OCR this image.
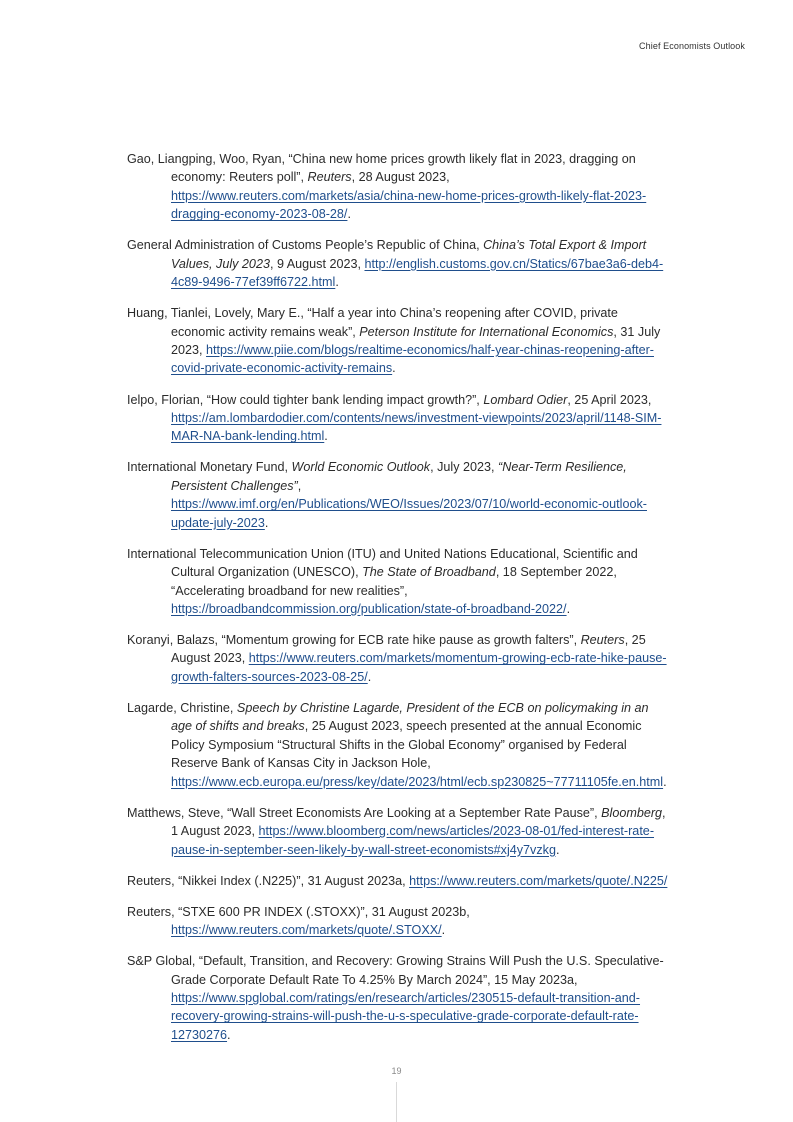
Chief Economists Outlook

Gao, Liangping, Woo, Ryan, “China new home prices growth likely flat in 2023, dragging on economy: Reuters poll”, Reuters, 28 August 2023, https://www.reuters.com/markets/asia/china-new-home-prices-growth-likely-flat-2023-dragging-economy-2023-08-28/.

General Administration of Customs People’s Republic of China, China’s Total Export & Import Values, July 2023, 9 August 2023, http://english.customs.gov.cn/Statics/67bae3a6-deb4-4c89-9496-77ef39ff6722.html.

Huang, Tianlei, Lovely, Mary E., “Half a year into China’s reopening after COVID, private economic activity remains weak”, Peterson Institute for International Economics, 31 July 2023, https://www.piie.com/blogs/realtime-economics/half-year-chinas-reopening-after-covid-private-economic-activity-remains.

Ielpo, Florian, “How could tighter bank lending impact growth?”, Lombard Odier, 25 April 2023, https://am.lombardodier.com/contents/news/investment-viewpoints/2023/april/1148-SIM-MAR-NA-bank-lending.html.

International Monetary Fund, World Economic Outlook, July 2023, “Near-Term Resilience, Persistent Challenges”, https://www.imf.org/en/Publications/WEO/Issues/2023/07/10/world-economic-outlook-update-july-2023.

International Telecommunication Union (ITU) and United Nations Educational, Scientific and Cultural Organization (UNESCO), The State of Broadband, 18 September 2022, “Accelerating broadband for new realities”, https://broadbandcommission.org/publication/state-of-broadband-2022/.

Koranyi, Balazs, “Momentum growing for ECB rate hike pause as growth falters”, Reuters, 25 August 2023, https://www.reuters.com/markets/momentum-growing-ecb-rate-hike-pause-growth-falters-sources-2023-08-25/.

Lagarde, Christine, Speech by Christine Lagarde, President of the ECB on policymaking in an age of shifts and breaks, 25 August 2023, speech presented at the annual Economic Policy Symposium “Structural Shifts in the Global Economy” organised by Federal Reserve Bank of Kansas City in Jackson Hole, https://www.ecb.europa.eu/press/key/date/2023/html/ecb.sp230825~77711105fe.en.html.

Matthews, Steve, “Wall Street Economists Are Looking at a September Rate Pause”, Bloomberg, 1 August 2023, https://www.bloomberg.com/news/articles/2023-08-01/fed-interest-rate-pause-in-september-seen-likely-by-wall-street-economists#xj4y7vzkg.

Reuters, “Nikkei Index (.N225)”, 31 August 2023a, https://www.reuters.com/markets/quote/.N225/

Reuters, “STXE 600 PR INDEX (.STOXX)”, 31 August 2023b, https://www.reuters.com/markets/quote/.STOXX/.

S&P Global, “Default, Transition, and Recovery: Growing Strains Will Push the U.S. Speculative-Grade Corporate Default Rate To 4.25% By March 2024”, 15 May 2023a, https://www.spglobal.com/ratings/en/research/articles/230515-default-transition-and-recovery-growing-strains-will-push-the-u-s-speculative-grade-corporate-default-rate-12730276.

19
